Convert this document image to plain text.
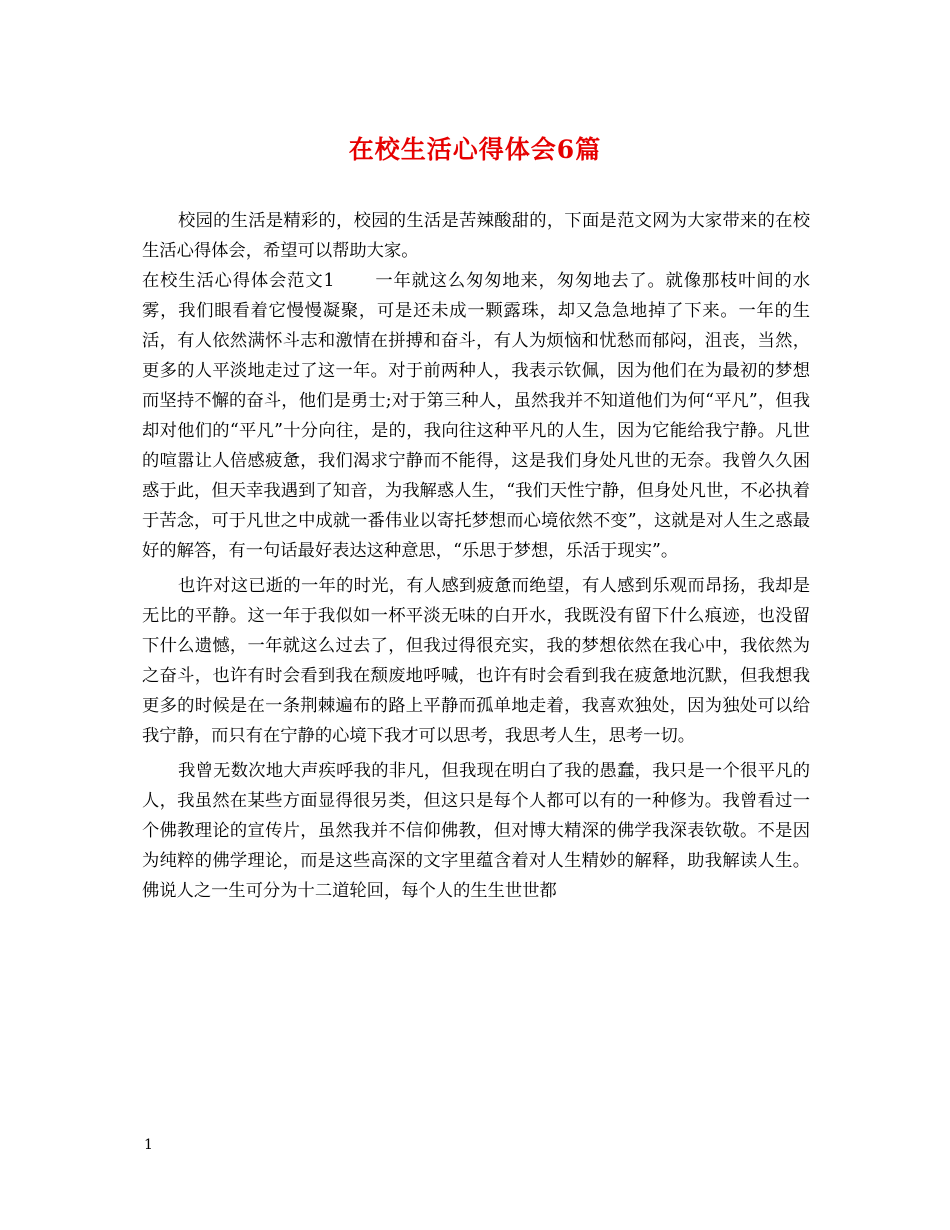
在校生活心得体会6篇

校园的生活是精彩的，校园的生活是苦辣酸甜的，下面是范文网为大家带来的在校生活心得体会，希望可以帮助大家。

在校生活心得体会范文1 一年就这么匆匆地来，匆匆地去了。就像那枝叶间的水雾，我们眼看着它慢慢凝聚，可是还未成一颗露珠，却又急急地掉了下来。一年的生活，有人依然满怀斗志和激情在拼搏和奋斗，有人为烦恼和忧愁而郁闷，沮丧，当然，更多的人平淡地走过了这一年。对于前两种人，我表示钦佩，因为他们在为最初的梦想而坚持不懈的奋斗，他们是勇士;对于第三种人，虽然我并不知道他们为何“平凡”，但我却对他们的“平凡”十分向往，是的，我向往这种平凡的人生，因为它能给我宁静。凡世的喧嚣让人倍感疲惫，我们渴求宁静而不能得，这是我们身处凡世的无奈。我曾久久困惑于此，但天幸我遇到了知音，为我解惑人生，“我们天性宁静，但身处凡世，不必执着于苦念，可于凡世之中成就一番伟业以寄托梦想而心境依然不变”，这就是对人生之惑最好的解答，有一句话最好表达这种意思，“乐思于梦想，乐活于现实”。

也许对这已逝的一年的时光，有人感到疲惫而绝望，有人感到乐观而昂扬，我却是无比的平静。这一年于我似如一杯平淡无味的白开水，我既没有留下什么痕迹，也没留下什么遗憾，一年就这么过去了，但我过得很充实，我的梦想依然在我心中，我依然为之奋斗，也许有时会看到我在颓废地呼喊，也许有时会看到我在疲惫地沉默，但我想我更多的时候是在一条荆棘遍布的路上平静而孤单地走着，我喜欢独处，因为独处可以给我宁静，而只有在宁静的心境下我才可以思考，我思考人生，思考一切。

我曾无数次地大声疾呼我的非凡，但我现在明白了我的愚蠢，我只是一个很平凡的人，我虽然在某些方面显得很另类，但这只是每个人都可以有的一种修为。我曾看过一个佛教理论的宣传片，虽然我并不信仰佛教，但对博大精深的佛学我深表钦敬。不是因为纯粹的佛学理论，而是这些高深的文字里蕴含着对人生精妙的解释，助我解读人生。佛说人之一生可分为十二道轮回，每个人的生生世世都

1
